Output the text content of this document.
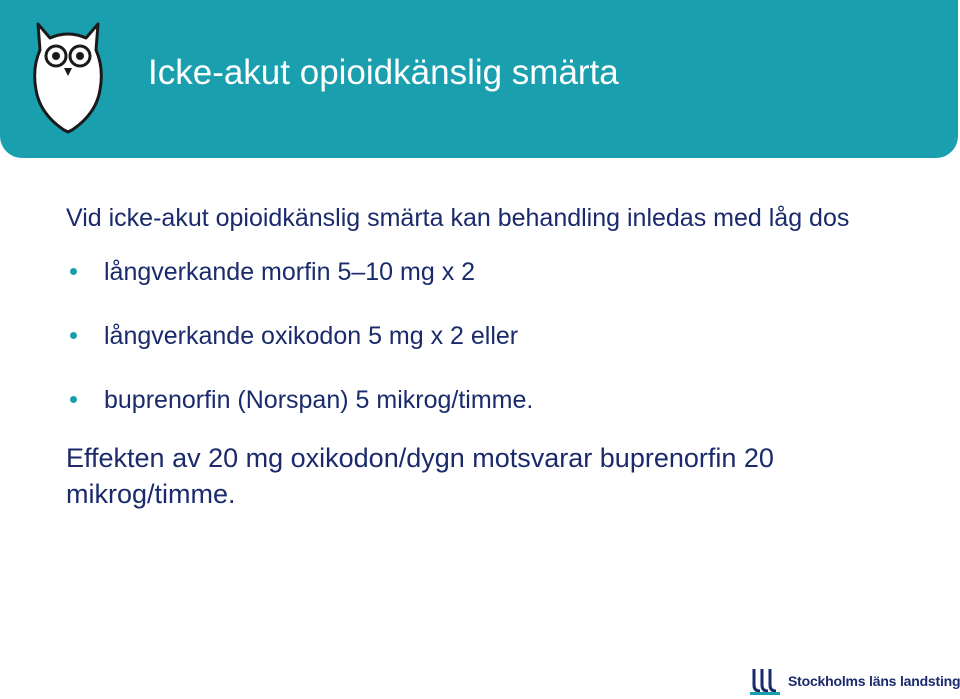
Icke-akut opioidkänslig smärta

Vid icke-akut opioidkänslig smärta kan behandling inledas med låg dos

långverkande morfin 5–10 mg x 2
långverkande oxikodon 5 mg x 2 eller
buprenorfin (Norspan) 5 mikrog/timme.

Effekten av 20 mg oxikodon/dygn motsvarar buprenorfin 20 mikrog/timme.

Stockholms läns landsting
